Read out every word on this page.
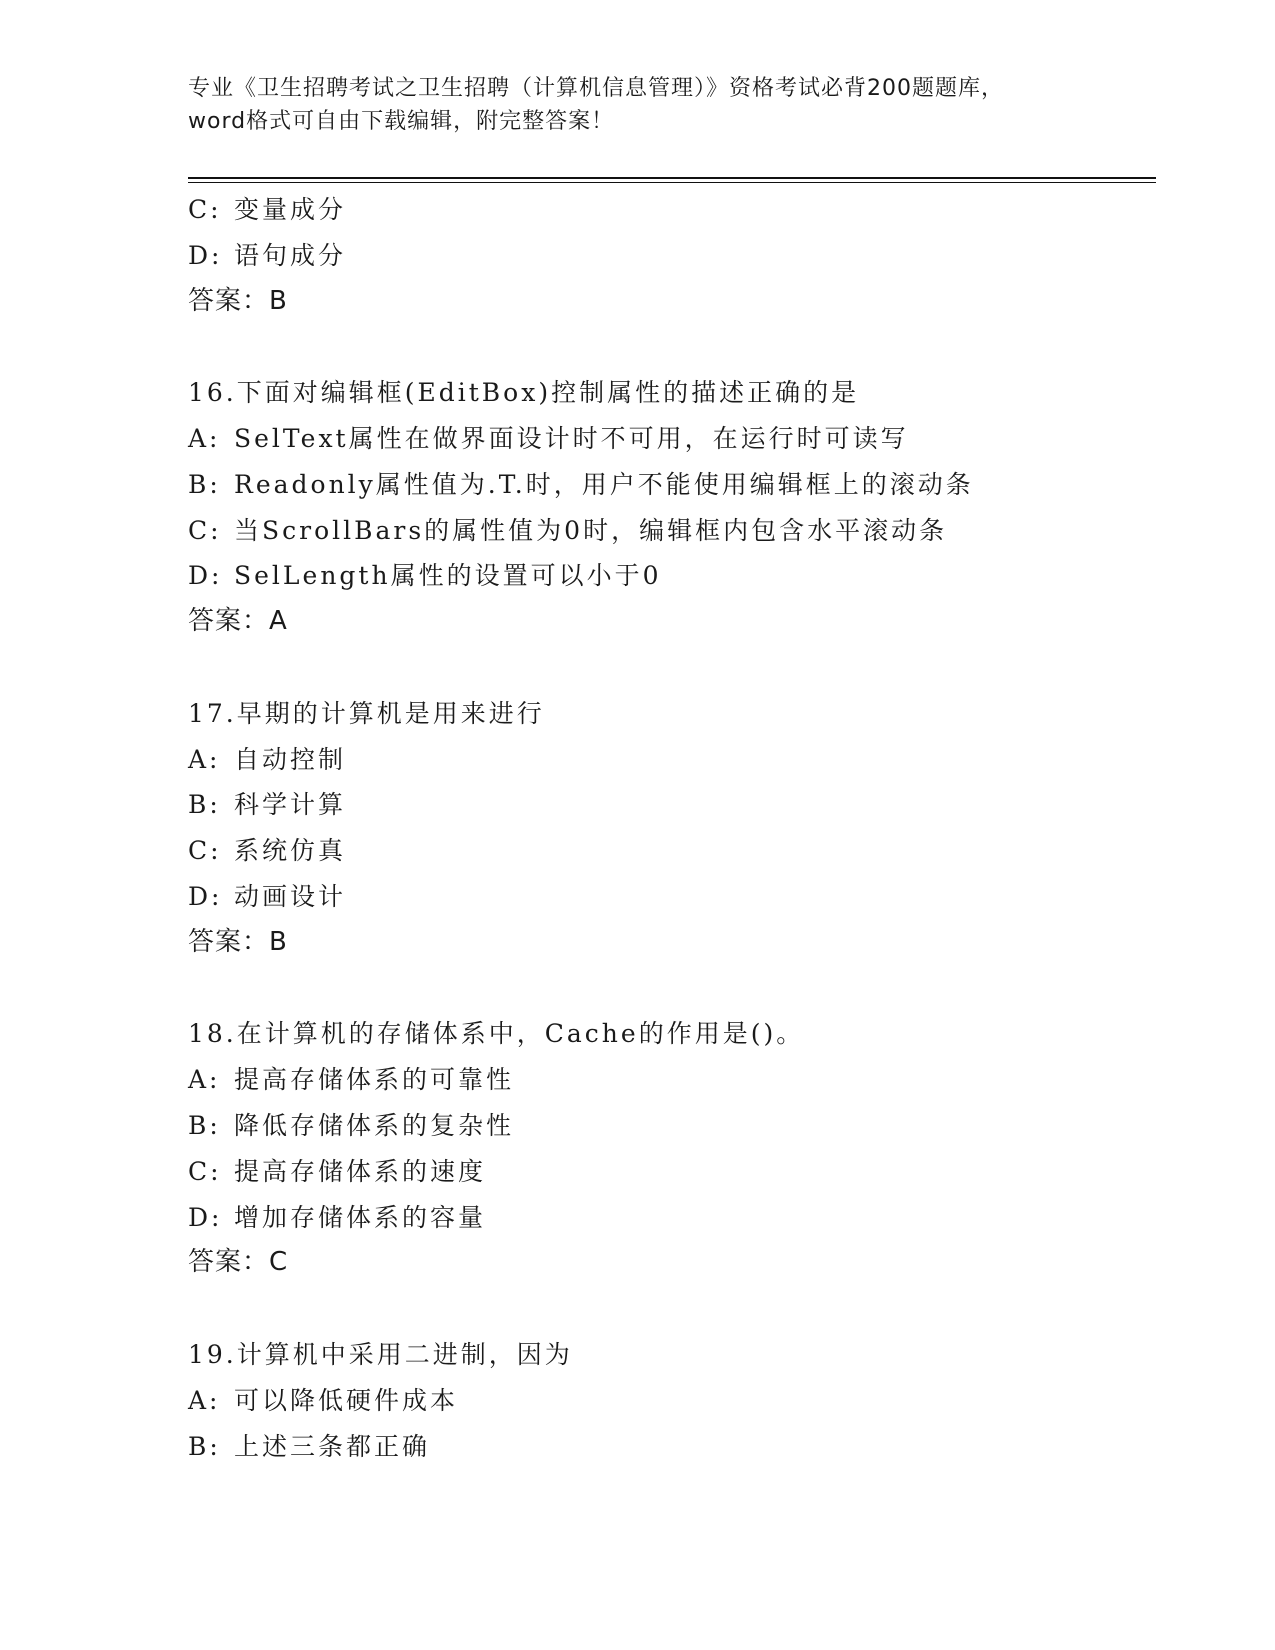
专业《卫生招聘考试之卫生招聘（计算机信息管理）》资格考试必背200题题库，
word格式可自由下载编辑，附完整答案！
C: 变量成分
D: 语句成分
答案：B
16.下面对编辑框(EditBox)控制属性的描述正确的是
A: SelText属性在做界面设计时不可用，在运行时可读写
B: Readonly属性值为.T.时，用户不能使用编辑框上的滚动条
C: 当ScrollBars的属性值为0时，编辑框内包含水平滚动条
D: SelLength属性的设置可以小于0
答案：A
17.早期的计算机是用来进行
A: 自动控制
B: 科学计算
C: 系统仿真
D: 动画设计
答案：B
18.在计算机的存储体系中，Cache的作用是()。
A: 提高存储体系的可靠性
B: 降低存储体系的复杂性
C: 提高存储体系的速度
D: 增加存储体系的容量
答案：C
19.计算机中采用二进制，因为
A: 可以降低硬件成本
B: 上述三条都正确
